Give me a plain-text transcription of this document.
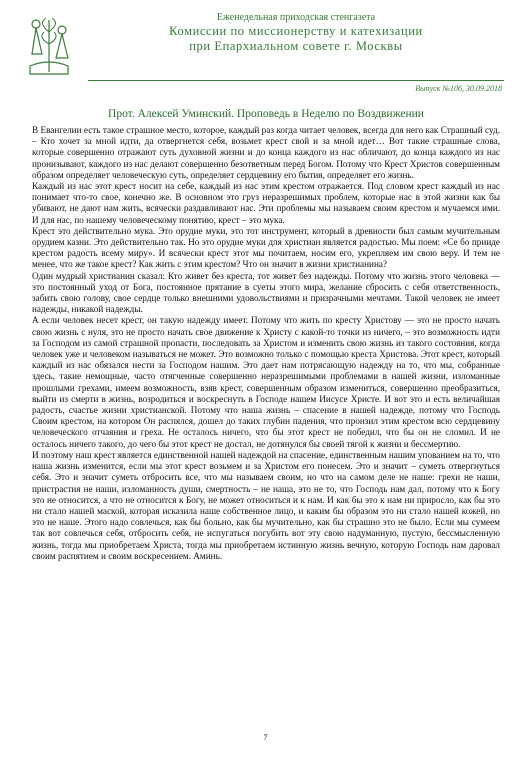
Еженедельная приходская стенгазета
Комиссии по миссионерству и катехизации
при Епархиальном совете г. Москвы
Выпуск №106, 30.09.2018
Прот. Алексей Уминский. Проповедь в Неделю по Воздвижении

В Евангелии есть такое страшное место, которое, каждый раз когда читает человек, всегда для него как Страшный суд. – Кто хочет за мной идти, да отвергнется себя, возьмет крест свой и за мной идет… Вот такие страшные слова, которые совершенно отражают суть духовной жизни и до конца каждого из нас обличают, до конца каждого из нас пронизывают, каждого из нас делают совершенно безответным перед Богом. Потому что Крест Христов совершенным образом определяет человеческую суть, определяет сердцевину его бытия, определяет его жизнь.

Каждый из нас этот крест носит на себе, каждый из нас этим крестом отражается. Под словом крест каждый из нас понимает что-то свое, конечно же. В основном это груз неразрешимых проблем, которые нас в этой жизни как бы убивают, не дают нам жить, всячески раздавливают нас. Эти проблемы мы называем своим крестом и мучаемся ими. И для нас, по нашему человеческому понятию, крест – это мука.

Крест это действительно мука. Это орудие муки, это тот инструмент, который в древности был самым мучительным орудием казни. Это действительно так. Но это орудие муки для христиан является радостью. Мы поем: «Се бо прииде крестом радость всему миру». И всячески крест этот мы почитаем, носим его, укрепляем им свою веру. И тем не менее, что же такое крест? Как жить с этим крестом? Что он значит в жизни христианина?

Один мудрый христианин сказал: Кто живет без креста, тот живет без надежды. Потому что жизнь этого человека — это постоянный уход от Бога, постоянное прятание в суеты этого мира, желание сбросить с себя ответственность, забить свою голову, свое сердце только внешними удовольствиями и призрачными мечтами. Такой человек не имеет надежды, никакой надежды.

А если человек несет крест, он такую надежду имеет. Потому что жить по кресту Христову — это не просто начать свою жизнь с нуля, это не просто начать свое движение к Христу с какой-то точки из ничего, – это возможность идти за Господом из самой страшной пропасти, последовать за Христом и изменить свою жизнь из такого состояния, когда человек уже и человеком называться не может. Это возможно только с помощью креста Христова. Этот крест, который каждый из нас обязался нести за Господом нашим. Это дает нам потрясающую надежду на то, что мы, собранные здесь, такие немощные, часто отягченные совершенно неразрешимыми проблемами в нашей жизни, изломанные прошлыми грехами, имеем возможность, взяв крест, совершенным образом измениться, совершенно преобразиться, выйти из смерти в жизнь, возродиться и воскреснуть в Господе нашем Иисусе Христе. И вот это и есть величайшая радость, счастье жизни христианской. Потому что наша жизнь – спасение в нашей надежде, потому что Господь Своим крестом, на котором Он распялся, дошел до таких глубин падения, что пронзил этим крестом всю сердцевину человеческого отчаяния и греха. Не осталось ничего, что бы этот крест не победил, что бы он не сломил. И не осталось ничего такого, до чего бы этот крест не достал, не дотянулся бы своей тягой к жизни и бессмертию.

И поэтому наш крест является единственной нашей надеждой на спасение, единственным нашим упованием на то, что наша жизнь изменится, если мы этот крест возьмем и за Христом его понесем. Это и значит – суметь отвергнуться себя. Это и значит суметь отбросить все, что мы называем своим, но что на самом деле не наше: грехи не наши, пристрастия не наши, изломанность души, смертность – не наша, это не то, что Господь нам дал, потому что к Богу это не относится, а что не относится к Богу, не может относиться и к нам. И как бы это к нам ни приросло, как бы это ни стало нашей маской, которая исказила наше собственное лицо, и каким бы образом это ни стало нашей кожей, но это не наше. Этого надо совлечься, как бы больно, как бы мучительно, как бы страшно это не было. Если мы сумеем так вот совлечься себя, отбросить себя, не испугаться погубить вот эту свою надуманную, пустую, бессмысленную жизнь, тогда мы приобретаем Христа, тогда мы приобретаем истинную жизнь вечную, которую Господь нам даровал своим распятием и своим воскресением. Аминь.

7
